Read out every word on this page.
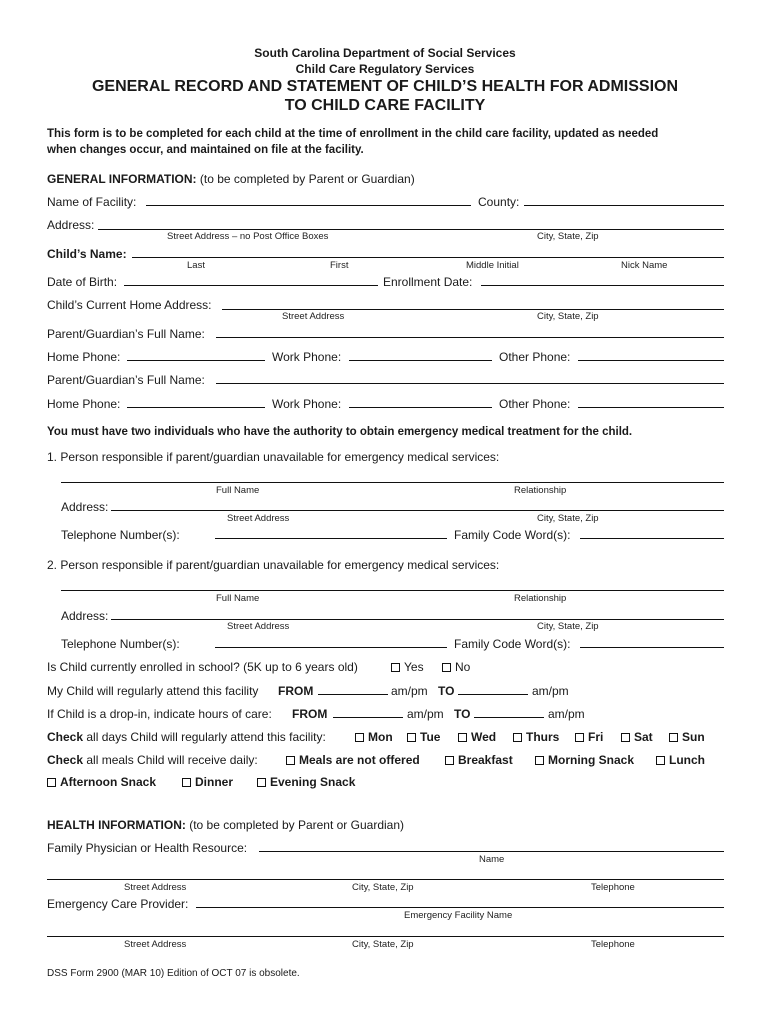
South Carolina Department of Social Services
Child Care Regulatory Services
GENERAL RECORD AND STATEMENT OF CHILD’S HEALTH FOR ADMISSION
TO CHILD CARE FACILITY
This form is to be completed for each child at the time of enrollment in the child care facility, updated as needed
when changes occur, and maintained on file at the facility.
GENERAL INFORMATION: (to be completed by Parent or Guardian)
Name of Facility:	County:
Address:
Street Address – no Post Office Boxes	City, State, Zip
Child’s Name:
Last	First	Middle Initial	Nick Name
Date of Birth:	Enrollment Date:
Child’s Current Home Address:
Street Address	City, State, Zip
Parent/Guardian’s Full Name:
Home Phone:	Work Phone:	Other Phone:
Parent/Guardian’s Full Name:
Home Phone:	Work Phone:	Other Phone:
You must have two individuals who have the authority to obtain emergency medical treatment for the child.
1. Person responsible if parent/guardian unavailable for emergency medical services:
Full Name	Relationship
Address:
Street Address	City, State, Zip
Telephone Number(s):	Family Code Word(s):
2. Person responsible if parent/guardian unavailable for emergency medical services:
Full Name	Relationship
Address:
Street Address	City, State, Zip
Telephone Number(s):	Family Code Word(s):
Is Child currently enrolled in school? (5K up to 6 years old)	Yes	No
My Child will regularly attend this facility FROM	am/pm TO	am/pm
If Child is a drop-in, indicate hours of care: FROM	am/pm TO	am/pm
Check all days Child will regularly attend this facility:	Mon	Tue	Wed	Thurs	Fri	Sat	Sun
Check all meals Child will receive daily:	Meals are not offered	Breakfast	Morning Snack	Lunch
Afternoon Snack	Dinner	Evening Snack
HEALTH INFORMATION: (to be completed by Parent or Guardian)
Family Physician or Health Resource:
Name
Street Address	City, State, Zip	Telephone
Emergency Care Provider:
Emergency Facility Name
Street Address	City, State, Zip	Telephone
DSS Form 2900 (MAR 10) Edition of OCT 07 is obsolete.
